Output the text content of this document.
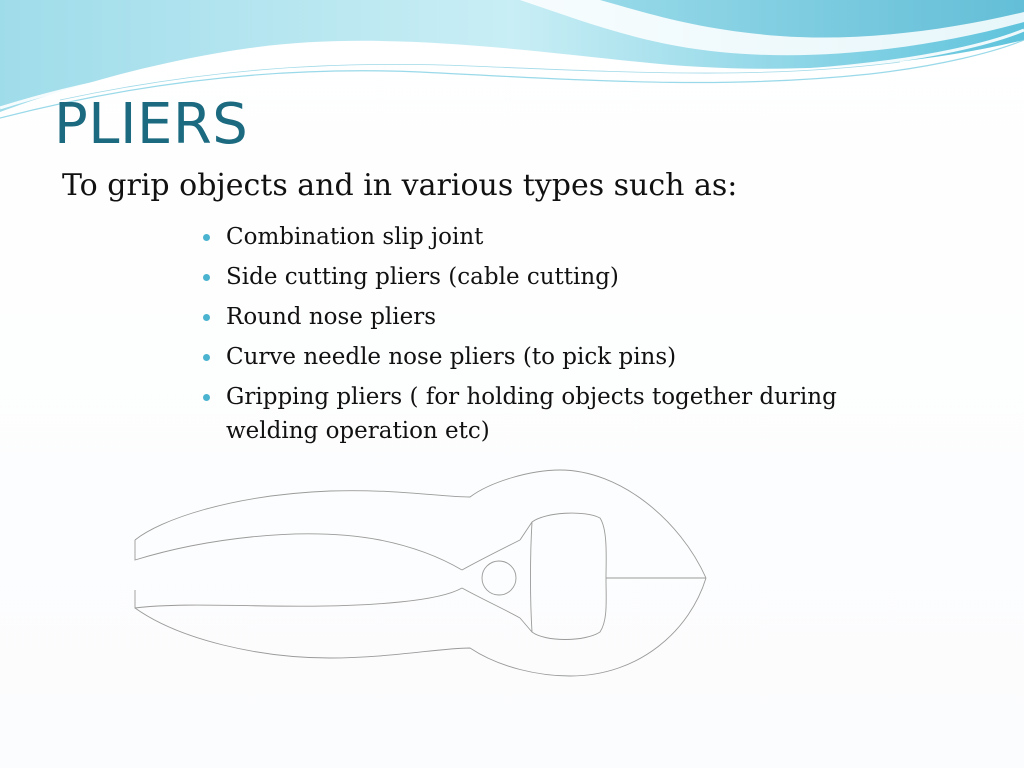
PLIERS

To grip objects and in various types such as:

Combination slip joint
Side cutting pliers (cable cutting)
Round nose pliers
Curve needle nose pliers (to pick pins)
Gripping pliers ( for holding objects together during welding operation etc)
